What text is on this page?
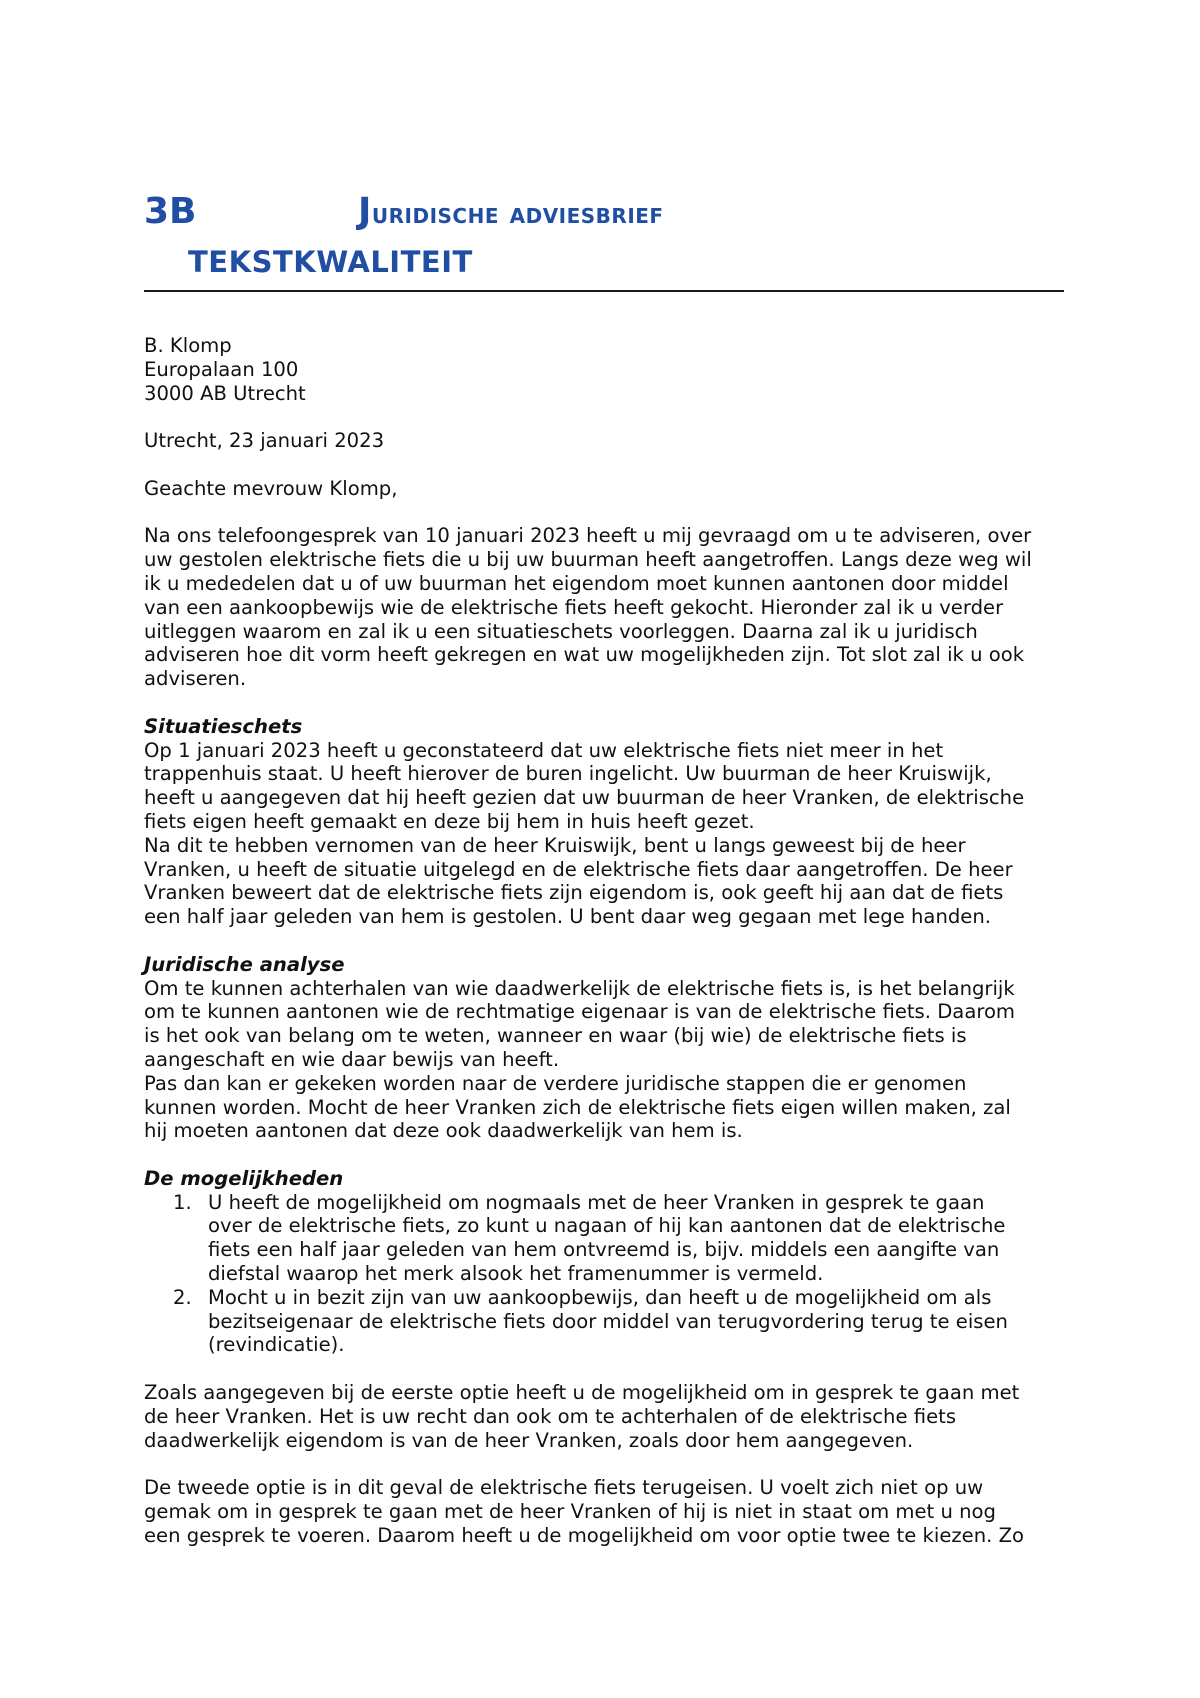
3B	Juridische adviesbrief
TEKSTKWALITEIT

B. Klomp

Europalaan 100

3000 AB Utrecht

Utrecht, 23 januari 2023

Geachte mevrouw Klomp,

Na ons telefoongesprek van 10 januari 2023 heeft u mij gevraagd om u te adviseren, over

uw gestolen elektrische fiets die u bij uw buurman heeft aangetroffen. Langs deze weg wil

ik u mededelen dat u of uw buurman het eigendom moet kunnen aantonen door middel

van een aankoopbewijs wie de elektrische fiets heeft gekocht. Hieronder zal ik u verder

uitleggen waarom en zal ik u een situatieschets voorleggen. Daarna zal ik u juridisch

adviseren hoe dit vorm heeft gekregen en wat uw mogelijkheden zijn. Tot slot zal ik u ook

adviseren.

Situatieschets

Op 1 januari 2023 heeft u geconstateerd dat uw elektrische fiets niet meer in het

trappenhuis staat. U heeft hierover de buren ingelicht. Uw buurman de heer Kruiswijk,

heeft u aangegeven dat hij heeft gezien dat uw buurman de heer Vranken, de elektrische

fiets eigen heeft gemaakt en deze bij hem in huis heeft gezet.

Na dit te hebben vernomen van de heer Kruiswijk, bent u langs geweest bij de heer

Vranken, u heeft de situatie uitgelegd en de elektrische fiets daar aangetroffen. De heer

Vranken beweert dat de elektrische fiets zijn eigendom is, ook geeft hij aan dat de fiets

een half jaar geleden van hem is gestolen. U bent daar weg gegaan met lege handen.

Juridische analyse

Om te kunnen achterhalen van wie daadwerkelijk de elektrische fiets is, is het belangrijk

om te kunnen aantonen wie de rechtmatige eigenaar is van de elektrische fiets. Daarom

is het ook van belang om te weten, wanneer en waar (bij wie) de elektrische fiets is

aangeschaft en wie daar bewijs van heeft.

Pas dan kan er gekeken worden naar de verdere juridische stappen die er genomen

kunnen worden. Mocht de heer Vranken zich de elektrische fiets eigen willen maken, zal

hij moeten aantonen dat deze ook daadwerkelijk van hem is.

De mogelijkheden

1. U heeft de mogelijkheid om nogmaals met de heer Vranken in gesprek te gaan

over de elektrische fiets, zo kunt u nagaan of hij kan aantonen dat de elektrische

fiets een half jaar geleden van hem ontvreemd is, bijv. middels een aangifte van

diefstal waarop het merk alsook het framenummer is vermeld.

2. Mocht u in bezit zijn van uw aankoopbewijs, dan heeft u de mogelijkheid om als

bezitseigenaar de elektrische fiets door middel van terugvordering terug te eisen

(revindicatie).

Zoals aangegeven bij de eerste optie heeft u de mogelijkheid om in gesprek te gaan met

de heer Vranken. Het is uw recht dan ook om te achterhalen of de elektrische fiets

daadwerkelijk eigendom is van de heer Vranken, zoals door hem aangegeven.

De tweede optie is in dit geval de elektrische fiets terugeisen. U voelt zich niet op uw

gemak om in gesprek te gaan met de heer Vranken of hij is niet in staat om met u nog

een gesprek te voeren. Daarom heeft u de mogelijkheid om voor optie twee te kiezen. Zo
